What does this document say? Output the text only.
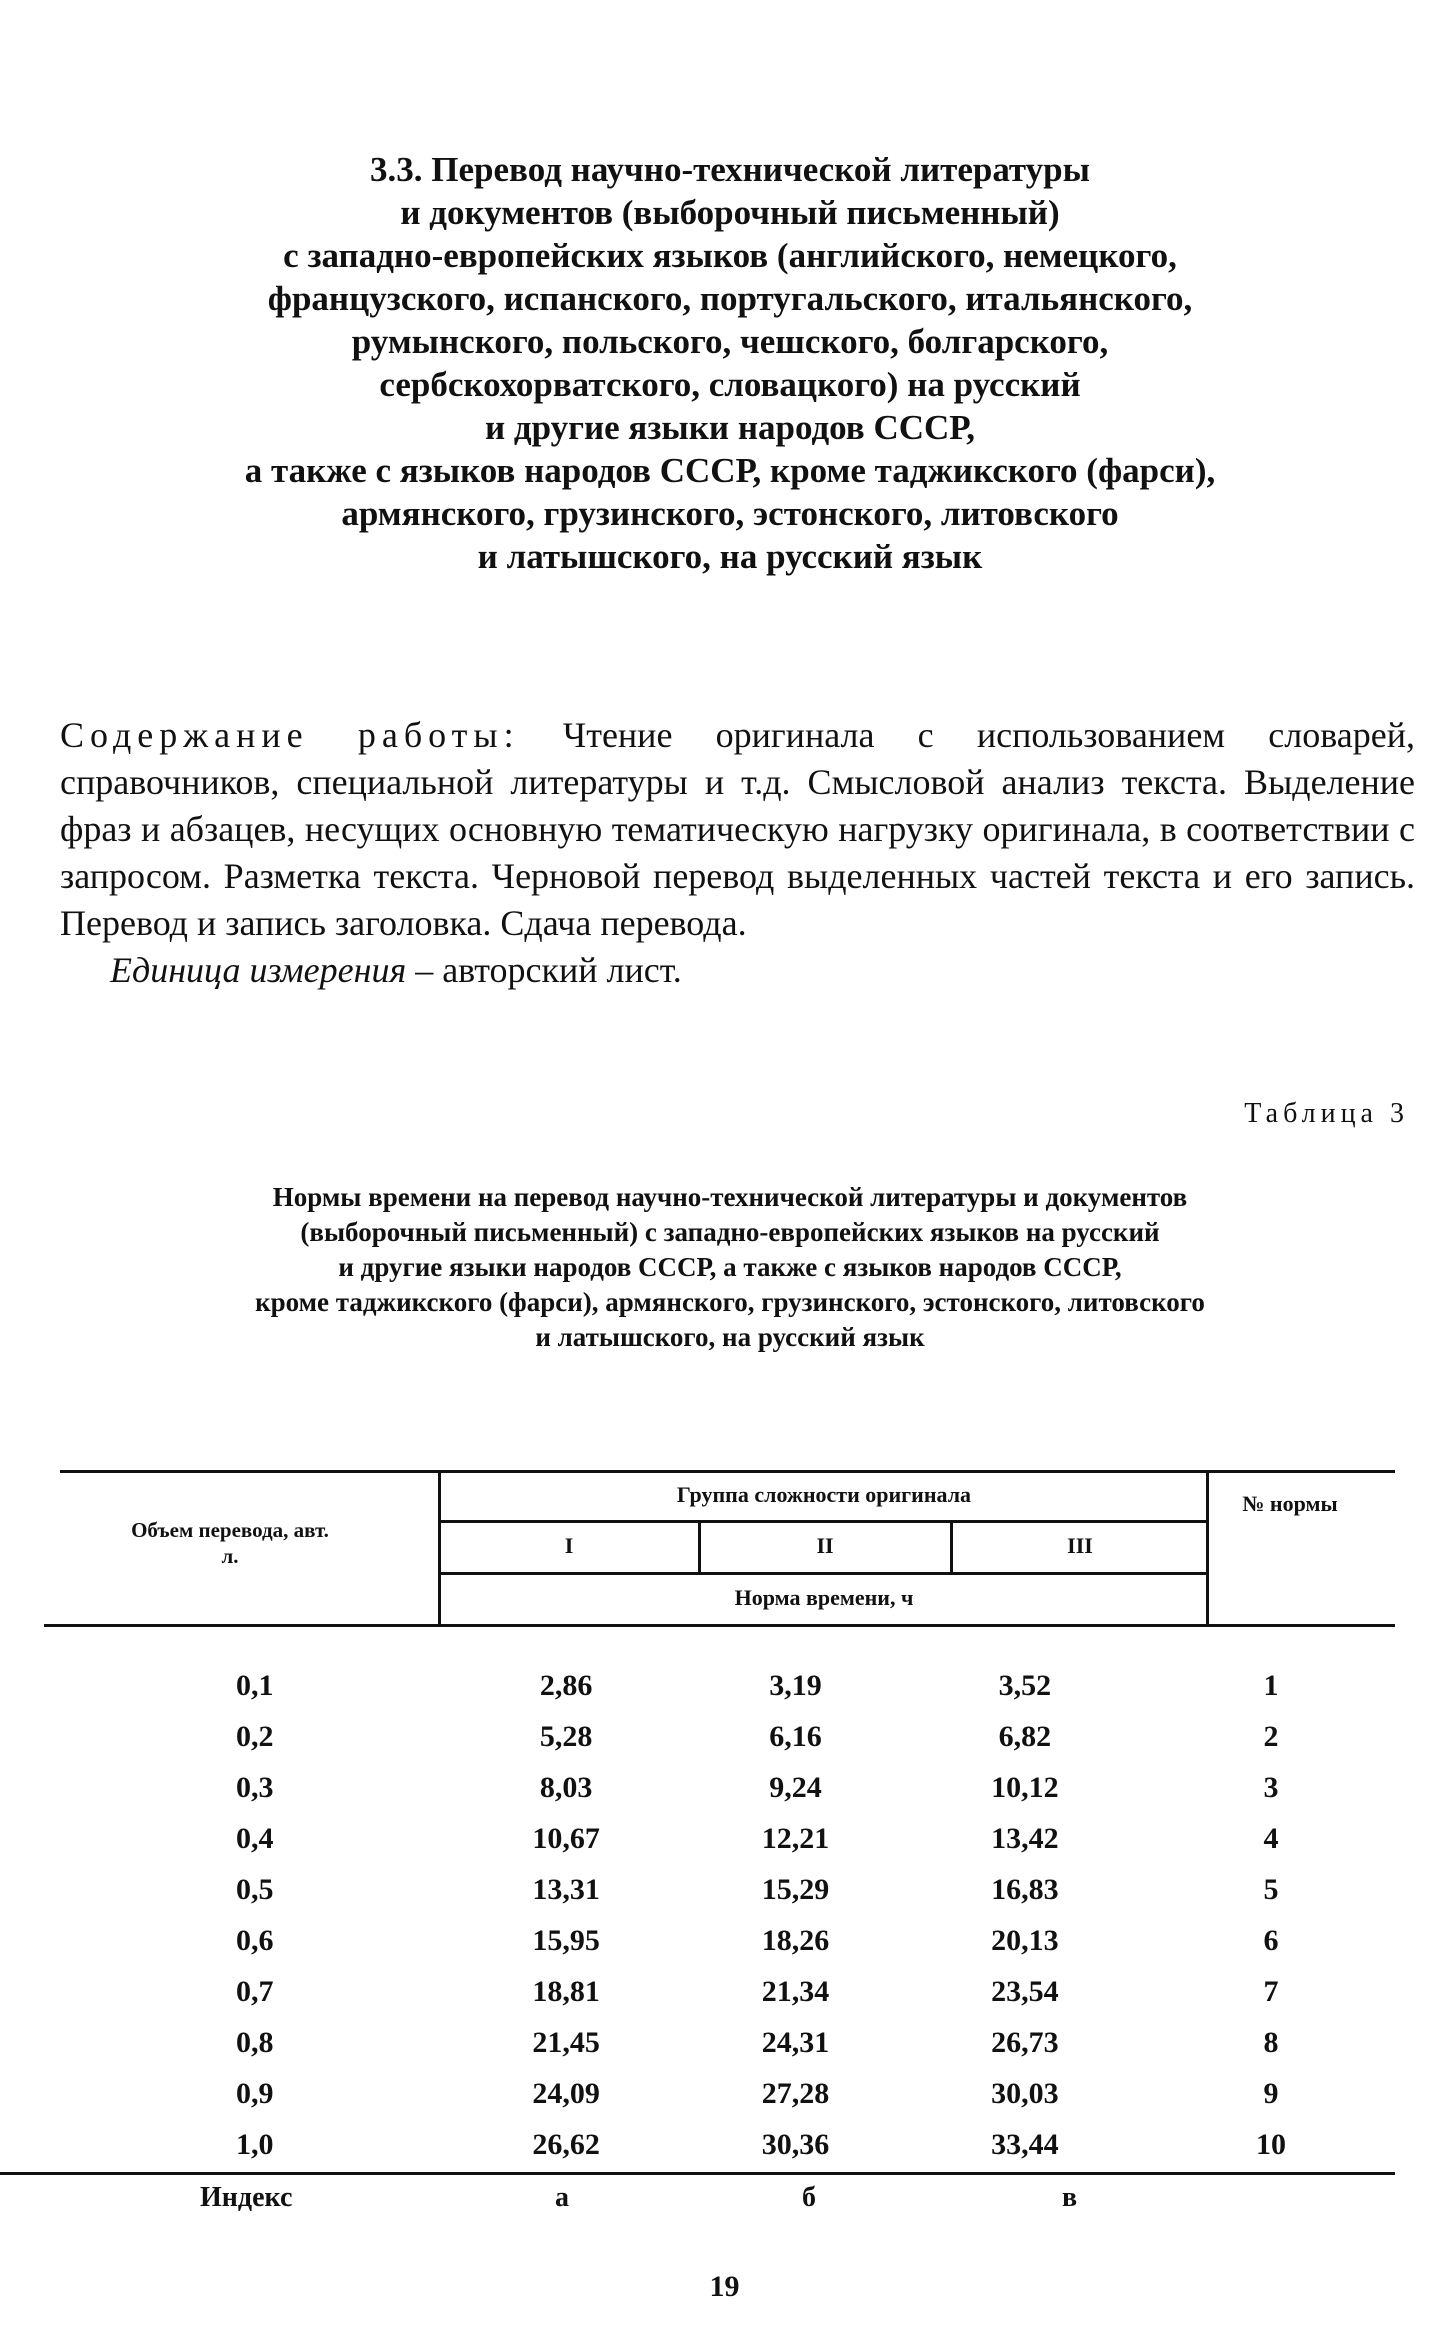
3.3. Перевод научно-технической литературы
и документов (выборочный письменный)
с западно-европейских языков (английского, немецкого,
французского, испанского, португальского, итальянского,
румынского, польского, чешского, болгарского,
сербскохорватского, словацкого) на русский
и другие языки народов СССР,
а также с языков народов СССР, кроме таджикского (фарси),
армянского, грузинского, эстонского, литовского
и латышского, на русский язык

Содержание работы: Чтение оригинала с использованием словарей, справочников, специальной литературы и т.д. Смысловой анализ текста. Выделение фраз и абзацев, несущих основную тематическую нагрузку оригинала, в соответствии с запросом. Разметка текста. Черновой перевод выделенных частей текста и его запись. Перевод и запись заголовка. Сдача перевода.

Единица измерения – авторский лист.

Таблица 3
Нормы времени на перевод научно-технической литературы и документов
(выборочный письменный) с западно-европейских языков на русский
и другие языки народов СССР, а также с языков народов СССР,
кроме таджикского (фарси), армянского, грузинского, эстонского, литовского
и латышского, на русский язык
Объем перевода, авт. л.
Группа сложности оригинала
I	II	III
Норма времени, ч
№ нормы
0,1	2,86	3,19	3,52	1
0,2	5,28	6,16	6,82	2
0,3	8,03	9,24	10,12	3
0,4	10,67	12,21	13,42	4
0,5	13,31	15,29	16,83	5
0,6	15,95	18,26	20,13	6
0,7	18,81	21,34	23,54	7
0,8	21,45	24,31	26,73	8
0,9	24,09	27,28	30,03	9
1,0	26,62	30,36	33,44	10
Индекс	а	б	в
19
